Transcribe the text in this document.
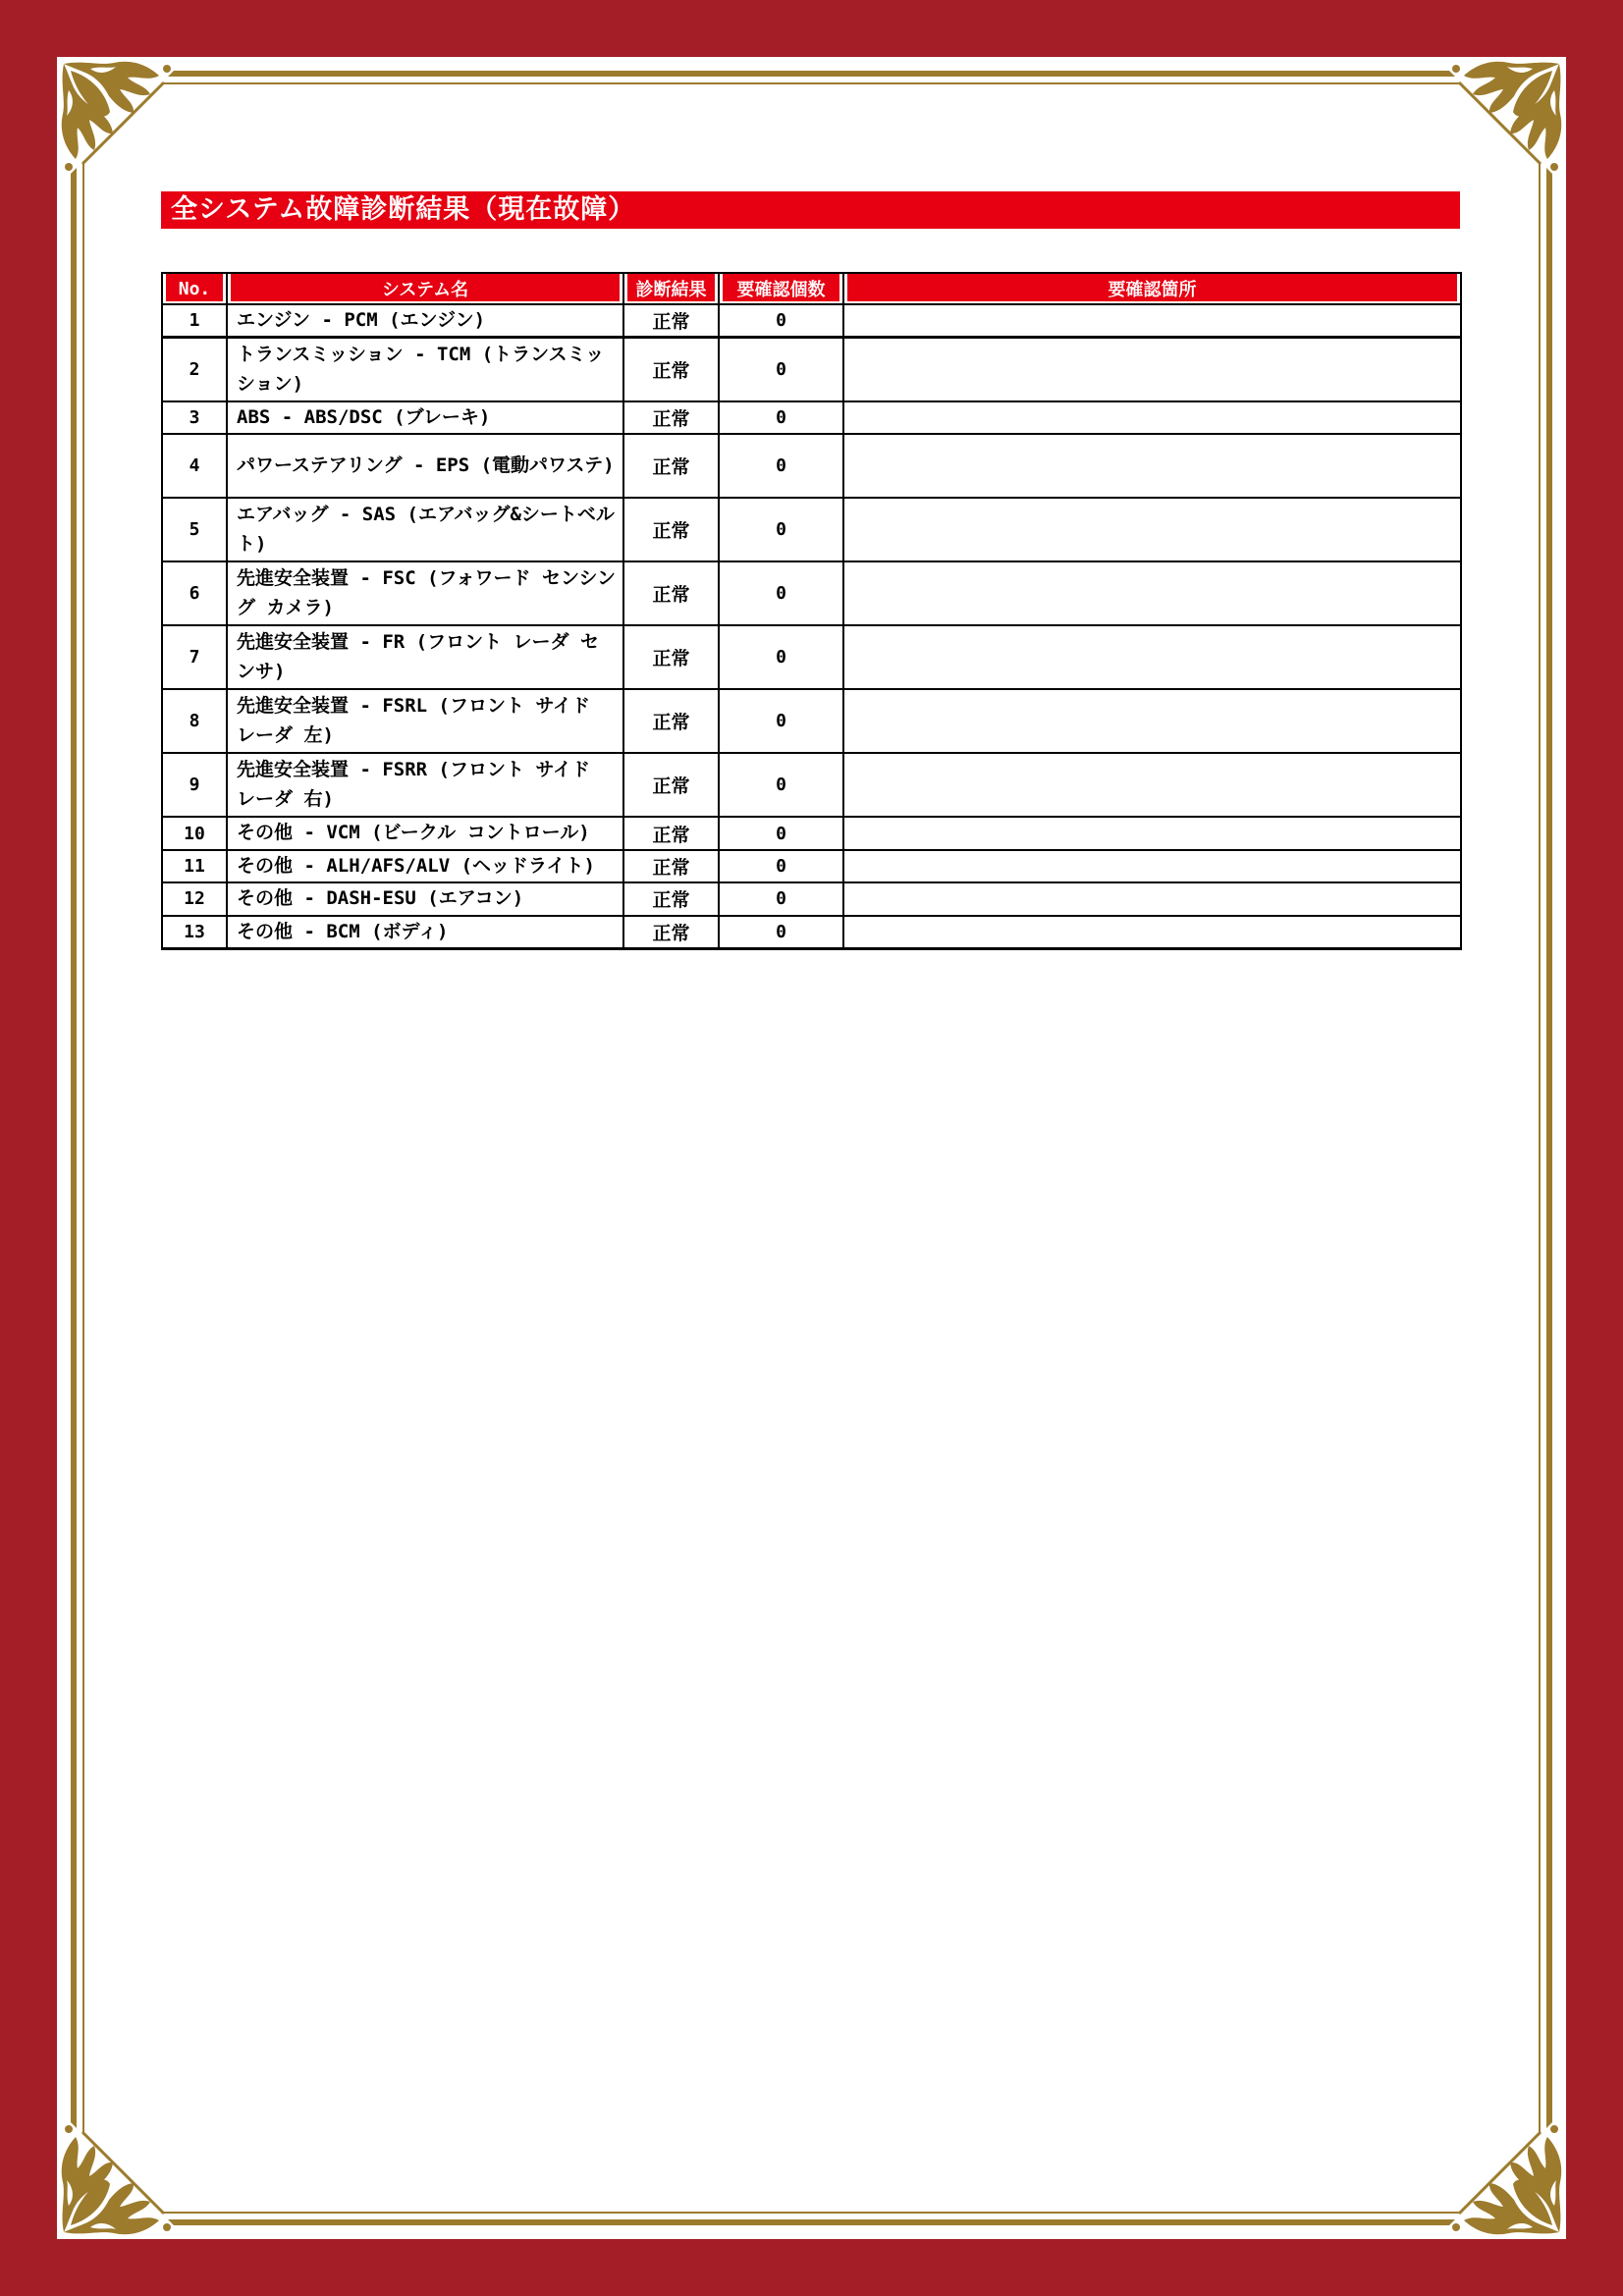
全システム故障診断結果（現在故障）
No.	システム名	診断結果	要確認個数	要確認箇所
1	エンジン - PCM (エンジン)	正常	0	
2	トランスミッション - TCM (トランスミッション)	正常	0	
3	ABS - ABS/DSC (ブレーキ)	正常	0	
4	パワーステアリング - EPS (電動パワステ)	正常	0	
5	エアバッグ - SAS (エアバッグ&シートベルト)	正常	0	
6	先進安全装置 - FSC (フォワード センシング カメラ)	正常	0	
7	先進安全装置 - FR (フロント レーダ センサ)	正常	0	
8	先進安全装置 - FSRL (フロント サイド レーダ 左)	正常	0	
9	先進安全装置 - FSRR (フロント サイド レーダ 右)	正常	0	
10	その他 - VCM (ビークル コントロール)	正常	0	
11	その他 - ALH/AFS/ALV (ヘッドライト)	正常	0	
12	その他 - DASH-ESU (エアコン)	正常	0	
13	その他 - BCM (ボディ)	正常	0	
